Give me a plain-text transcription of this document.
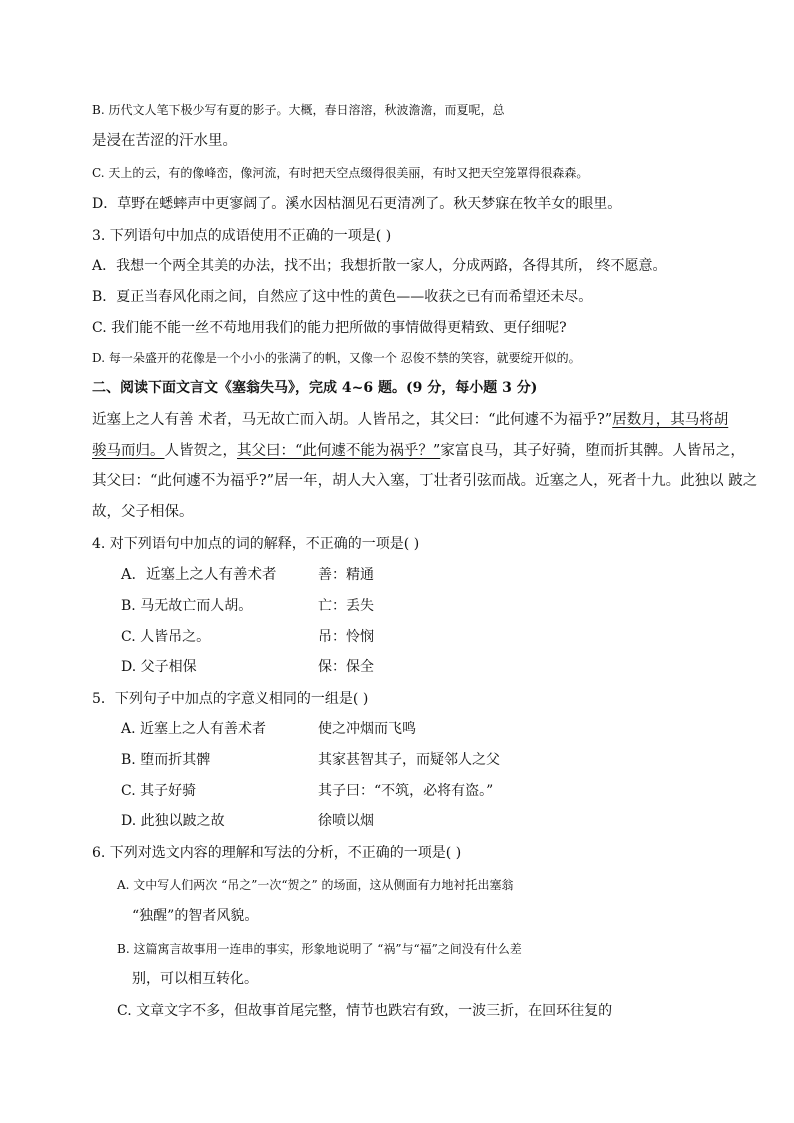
B. 历代文人笔下极少写有夏的影子。大概，春日溶溶，秋波澹澹，而夏呢，总
是浸在苦涩的汗水里。
C. 天上的云，有的像峰峦，像河流，有时把天空点缀得很美丽，有时又把天空笼罩得很森森。
D．草野在蟋蟀声中更寥阔了。溪水因枯涸见石更清冽了。秋天梦寐在牧羊女的眼里。
3. 下列语句中加点的成语使用不正确的一项是( )
A．我想一个两全其美的办法，找不出；我想折散一家人，分成两路，各得其所， 终不愿意。
B．夏正当春风化雨之间，自然应了这中性的黄色——收获之已有而希望还未尽。
C. 我们能不能一丝不苟地用我们的能力把所做的事情做得更精致、更仔细呢?
D. 每一朵盛开的花像是一个小小的张满了的帆，又像一个 忍俊不禁的笑容，就要绽开似的。
二、阅读下面文言文《塞翁失马》，完成 4~6 题。(9 分，每小题 3 分)
近塞上之人有善 术者，马无故亡而入胡。人皆吊之，其父曰：“此何遽不为福乎?”居数月，其马将胡
骏马而归。人皆贺之，其父曰：“此何遽不能为祸乎？”家富良马，其子好骑，堕而折其髀。人皆吊之，
其父曰：“此何遽不为福乎?”居一年，胡人大入塞，丁壮者引弦而战。近塞之人，死者十九。此独以 跛之
故，父子相保。
4. 对下列语句中加点的词的解释，不正确的一项是( )
A．近塞上之人有善术者	善：精通
B. 马无故亡而人胡。	亡：丢失
C. 人皆吊之。	吊：怜悯
D. 父子相保	保：保全
5．下列句子中加点的字意义相同的一组是( )
A. 近塞上之人有善术者	使之冲烟而飞鸣
B. 堕而折其髀	其家甚智其子，而疑邻人之父
C. 其子好骑	其子曰：“不筑，必将有盗。”
D. 此独以跛之故	徐喷以烟
6. 下列对选文内容的理解和写法的分析，不正确的一项是( )
A. 文中写人们两次 “吊之”一次“贺之” 的场面，这从侧面有力地衬托出塞翁
“独醒”的智者风貌。
B. 这篇寓言故事用一连串的事实，形象地说明了 “祸”与“福”之间没有什么差
别，可以相互转化。
C. 文章文字不多，但故事首尾完整，情节也跌宕有致，一波三折，在回环往复的
